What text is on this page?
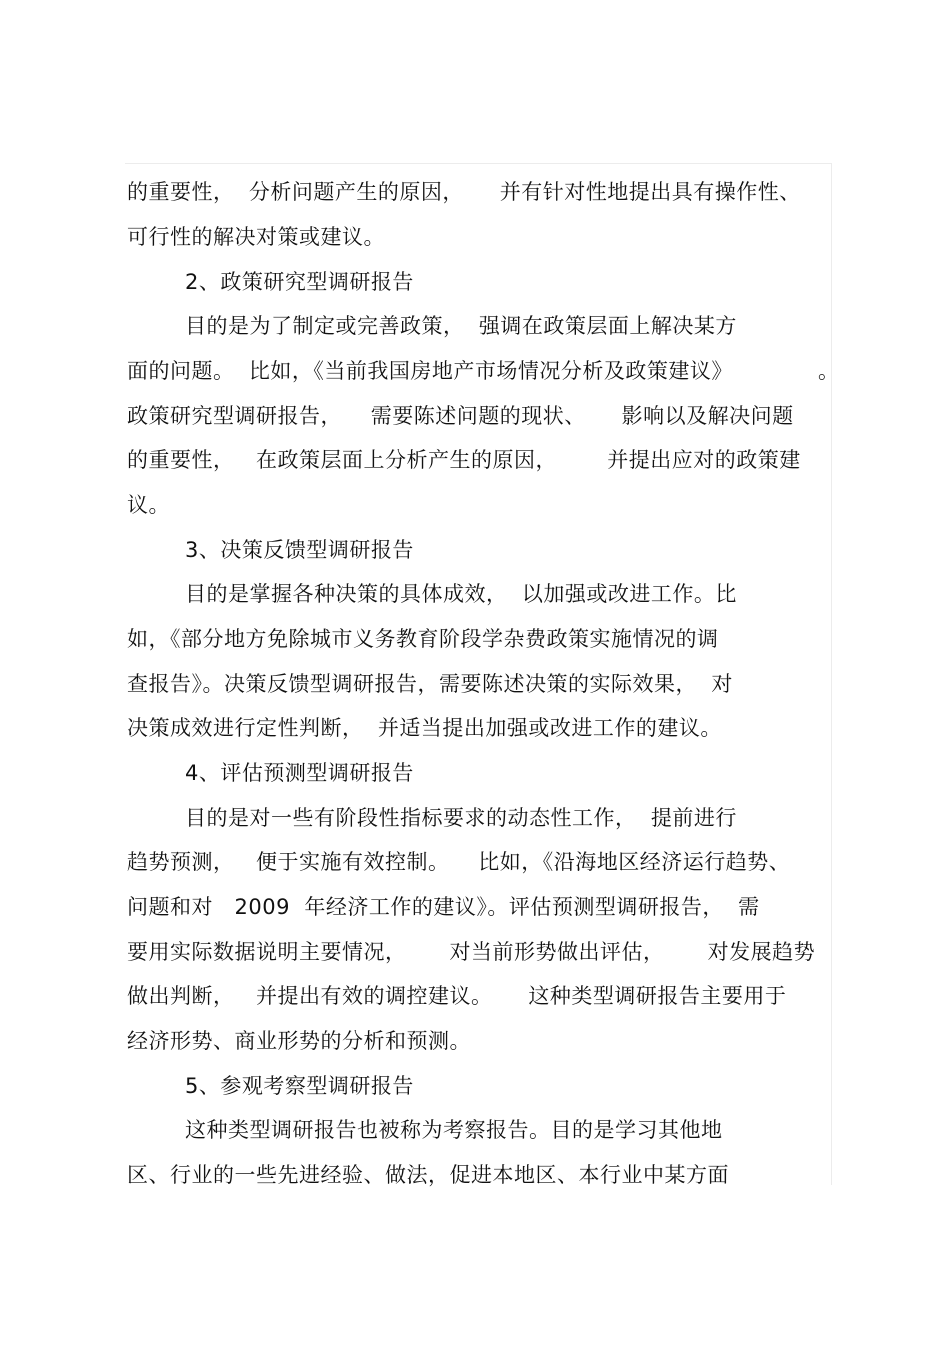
的重要性，  分析问题产生的原因，     并有针对性地提出具有操作性、
可行性的解决对策或建议。
2、政策研究型调研报告
目的是为了制定或完善政策，  强调在政策层面上解决某方
面的问题。  比如，《当前我国房地产市场情况分析及政策建议》	。
政策研究型调研报告，    需要陈述问题的现状、     影响以及解决问题
的重要性，   在政策层面上分析产生的原因，       并提出应对的政策建
议。
3、决策反馈型调研报告
目的是掌握各种决策的具体成效，  以加强或改进工作。比
如，《部分地方免除城市义务教育阶段学杂费政策实施情况的调
查报告》。决策反馈型调研报告，需要陈述决策的实际效果，  对
决策成效进行定性判断，  并适当提出加强或改进工作的建议。
4、评估预测型调研报告
目的是对一些有阶段性指标要求的动态性工作，  提前进行
趋势预测，   便于实施有效控制。    比如，《沿海地区经济运行趋势、
问题和对   2009  年经济工作的建议》。评估预测型调研报告，  需
要用实际数据说明主要情况，      对当前形势做出评估，      对发展趋势
做出判断，   并提出有效的调控建议。     这种类型调研报告主要用于
经济形势、商业形势的分析和预测。
5、参观考察型调研报告
这种类型调研报告也被称为考察报告。目的是学习其他地
区、行业的一些先进经验、做法，促进本地区、本行业中某方面
